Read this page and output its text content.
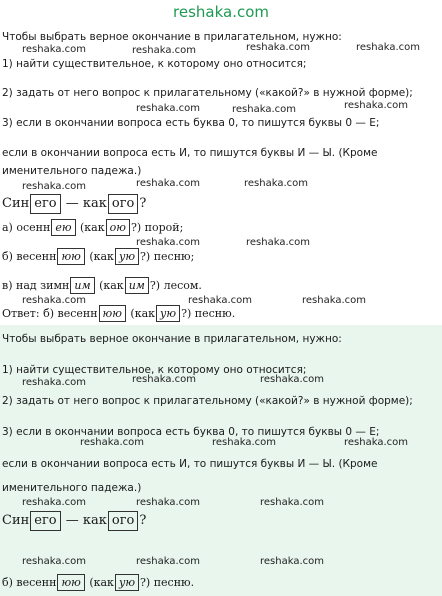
reshaka.com
Чтобы выбрать верное окончание в прилагательном, нужно:
reshaka.com	reshaka.com	reshaka.com	reshaka.com
1) найти существительное, к которому оно относится;
2) задать от него вопрос к прилагательному («какой?» в нужной форме);
reshaka.com	reshaka.com	reshaka.com
3) если в окончании вопроса есть буква 0, то пишутся буквы 0 — Е;
если в окончании вопроса есть И, то пишутся буквы И — Ы. (Кроме
именительного падежа.)
reshaka.com	reshaka.com
reshaka.com
Син его — как ого ?
а) осенн ею (как ою ?) порой;
reshaka.com	reshaka.com
б) весенн юю (как ую ?) песню;
в) над зимн им (как им ?) лесом.
reshaka.com	reshaka.com	reshaka.com
Ответ: б) весенн юю (как ую ?) песню.
Чтобы выбрать верное окончание в прилагательном, нужно:
1) найти существительное, к которому оно относится;
reshaka.com	reshaka.com	reshaka.com
2) задать от него вопрос к прилагательному («какой?» в нужной форме);
3) если в окончании вопроса есть буква 0, то пишутся буквы 0 — Е;
reshaka.com	reshaka.com	reshaka.com
если в окончании вопроса есть И, то пишутся буквы И — Ы. (Кроме
именительного падежа.)
reshaka.com	reshaka.com	reshaka.com
Син его — как ого ?
reshaka.com	reshaka.com	reshaka.com
б) весенн юю (как ую ?) песню.
